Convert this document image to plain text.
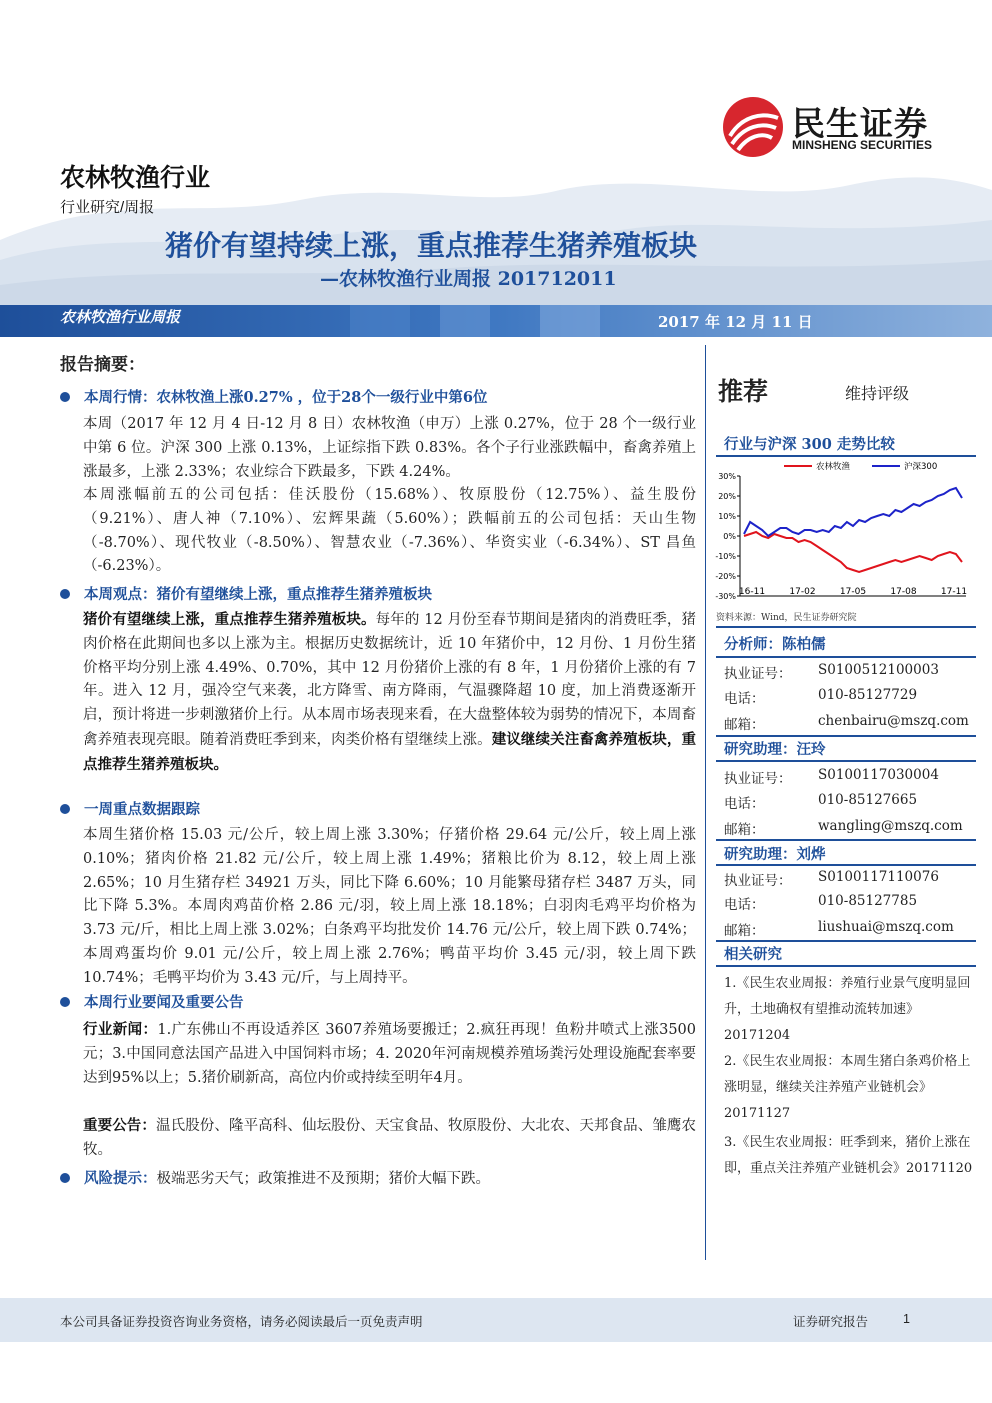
民生证券
MINSHENG SECURITIES
农林牧渔行业
行业研究/周报
猪价有望持续上涨，重点推荐生猪养殖板块
—农林牧渔行业周报 201712011
农林牧渔行业周报	2017 年 12 月 11 日
报告摘要：
本周行情：农林牧渔上涨0.27% ，位于28个一级行业中第6位
本周（2017 年 12 月 4 日-12 月 8 日）农林牧渔（申万）上涨 0.27%，位于 28 个一级行业中第 6 位。沪深 300 上涨 0.13%，上证综指下跌 0.83%。各个子行业涨跌幅中，畜禽养殖上涨最多，上涨 2.33%；农业综合下跌最多，下跌 4.24%。
本周涨幅前五的公司包括：佳沃股份（15.68%）、牧原股份（12.75%）、益生股份（9.21%）、唐人神（7.10%）、宏辉果蔬（5.60%）；跌幅前五的公司包括：天山生物（-8.70%）、现代牧业（-8.50%）、智慧农业（-7.36%）、华资实业（-6.34%）、ST 昌鱼（-6.23%）。
本周观点：猪价有望继续上涨，重点推荐生猪养殖板块
猪价有望继续上涨，重点推荐生猪养殖板块。每年的 12 月份至春节期间是猪肉的消费旺季，猪肉价格在此期间也多以上涨为主。根据历史数据统计，近 10 年猪价中，12 月份、1 月份生猪价格平均分别上涨 4.49%、0.70%，其中 12 月份猪价上涨的有 8 年，1 月份猪价上涨的有 7 年。进入 12 月，强冷空气来袭，北方降雪、南方降雨，气温骤降超 10 度，加上消费逐渐开启，预计将进一步刺激猪价上行。从本周市场表现来看，在大盘整体较为弱势的情况下，本周畜禽养殖表现亮眼。随着消费旺季到来，肉类价格有望继续上涨。建议继续关注畜禽养殖板块，重点推荐生猪养殖板块。
一周重点数据跟踪
本周生猪价格 15.03 元/公斤，较上周上涨 3.30%；仔猪价格 29.64 元/公斤，较上周上涨 0.10%；猪肉价格 21.82 元/公斤，较上周上涨 1.49%；猪粮比价为 8.12，较上周上涨 2.65%；10 月生猪存栏 34921 万头，同比下降 6.60%；10 月能繁母猪存栏 3487 万头，同比下降 5.3%。本周肉鸡苗价格 2.86 元/羽，较上周上涨 18.18%；白羽肉毛鸡平均价格为 3.73 元/斤，相比上周上涨 3.02%；白条鸡平均批发价 14.76 元/公斤，较上周下跌 0.74%；本周鸡蛋均价 9.01 元/公斤，较上周上涨 2.76%；鸭苗平均价 3.45 元/羽，较上周下跌 10.74%；毛鸭平均价为 3.43 元/斤，与上周持平。
本周行业要闻及重要公告
行业新闻：1.广东佛山不再设适养区 3607养殖场要搬迁；2.疯狂再现！鱼粉井喷式上涨3500元；3.中国同意法国产品进入中国饲料市场；4. 2020年河南规模养殖场粪污处理设施配套率要达到95%以上；5.猪价刷新高，高位内价或持续至明年4月。
重要公告：温氏股份、隆平高科、仙坛股份、天宝食品、牧原股份、大北农、天邦食品、雏鹰农牧。
风险提示： 极端恶劣天气；政策推进不及预期；猪价大幅下跌。
推荐	维持评级
行业与沪深 300 走势比较
30%
20%
10%
0%
-10%
-20%
-30% 16-11	17-02	17-05	17-08	17-11
农林牧渔	沪深300
资料来源：Wind，民生证券研究院
分析师：陈柏儒
执业证号： S0100512100003
电话：	010-85127729
邮箱：	chenbairu@mszq.com
研究助理：汪玲
执业证号： S0100117030004
电话：	010-85127665
邮箱：	wangling@mszq.com
研究助理：刘烨
执业证号： S0100117110076
电话：	010-85127785
邮箱：	liushuai@mszq.com
相关研究
1.《民生农业周报：养殖行业景气度明显回升，土地确权有望推动流转加速》20171204
2.《民生农业周报：本周生猪白条鸡价格上涨明显，继续关注养殖产业链机会》20171127
3.《民生农业周报：旺季到来，猪价上涨在即，重点关注养殖产业链机会》20171120
本公司具备证券投资咨询业务资格，请务必阅读最后一页免责声明	证券研究报告	1
